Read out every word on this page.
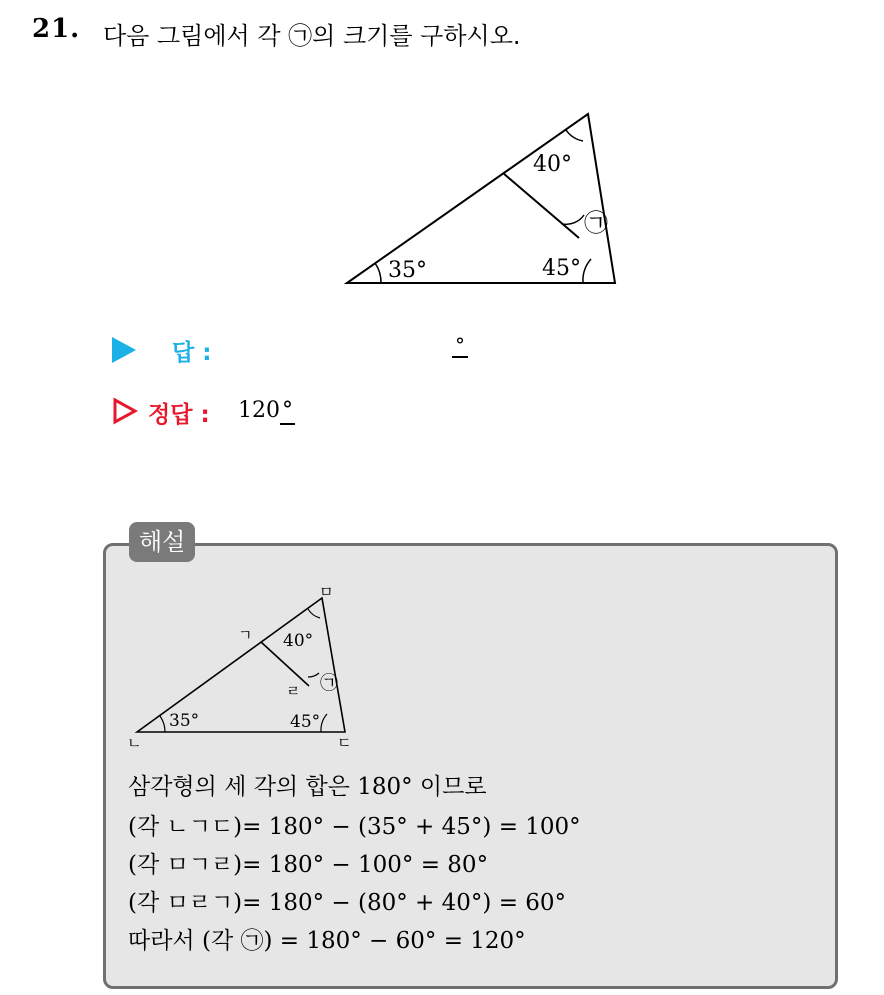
21. 다음 그림에서 각 ㉠의 크기를 구하시오.
40°
35°	45°
㉠
답 :	°
정답 : 120°
해설
ㅁ
ㄱ
ㄹ
ㄴ	ㄷ
40°
35°	45°
㉠
삼각형의 세 각의 합은 180° 이므로
(각 ㄴㄱㄷ)= 180° − (35° + 45°) = 100°
(각 ㅁㄱㄹ)= 180° − 100° = 80°
(각 ㅁㄹㄱ)= 180° − (80° + 40°) = 60°
따라서 (각 ㉠) = 180° − 60° = 120°
